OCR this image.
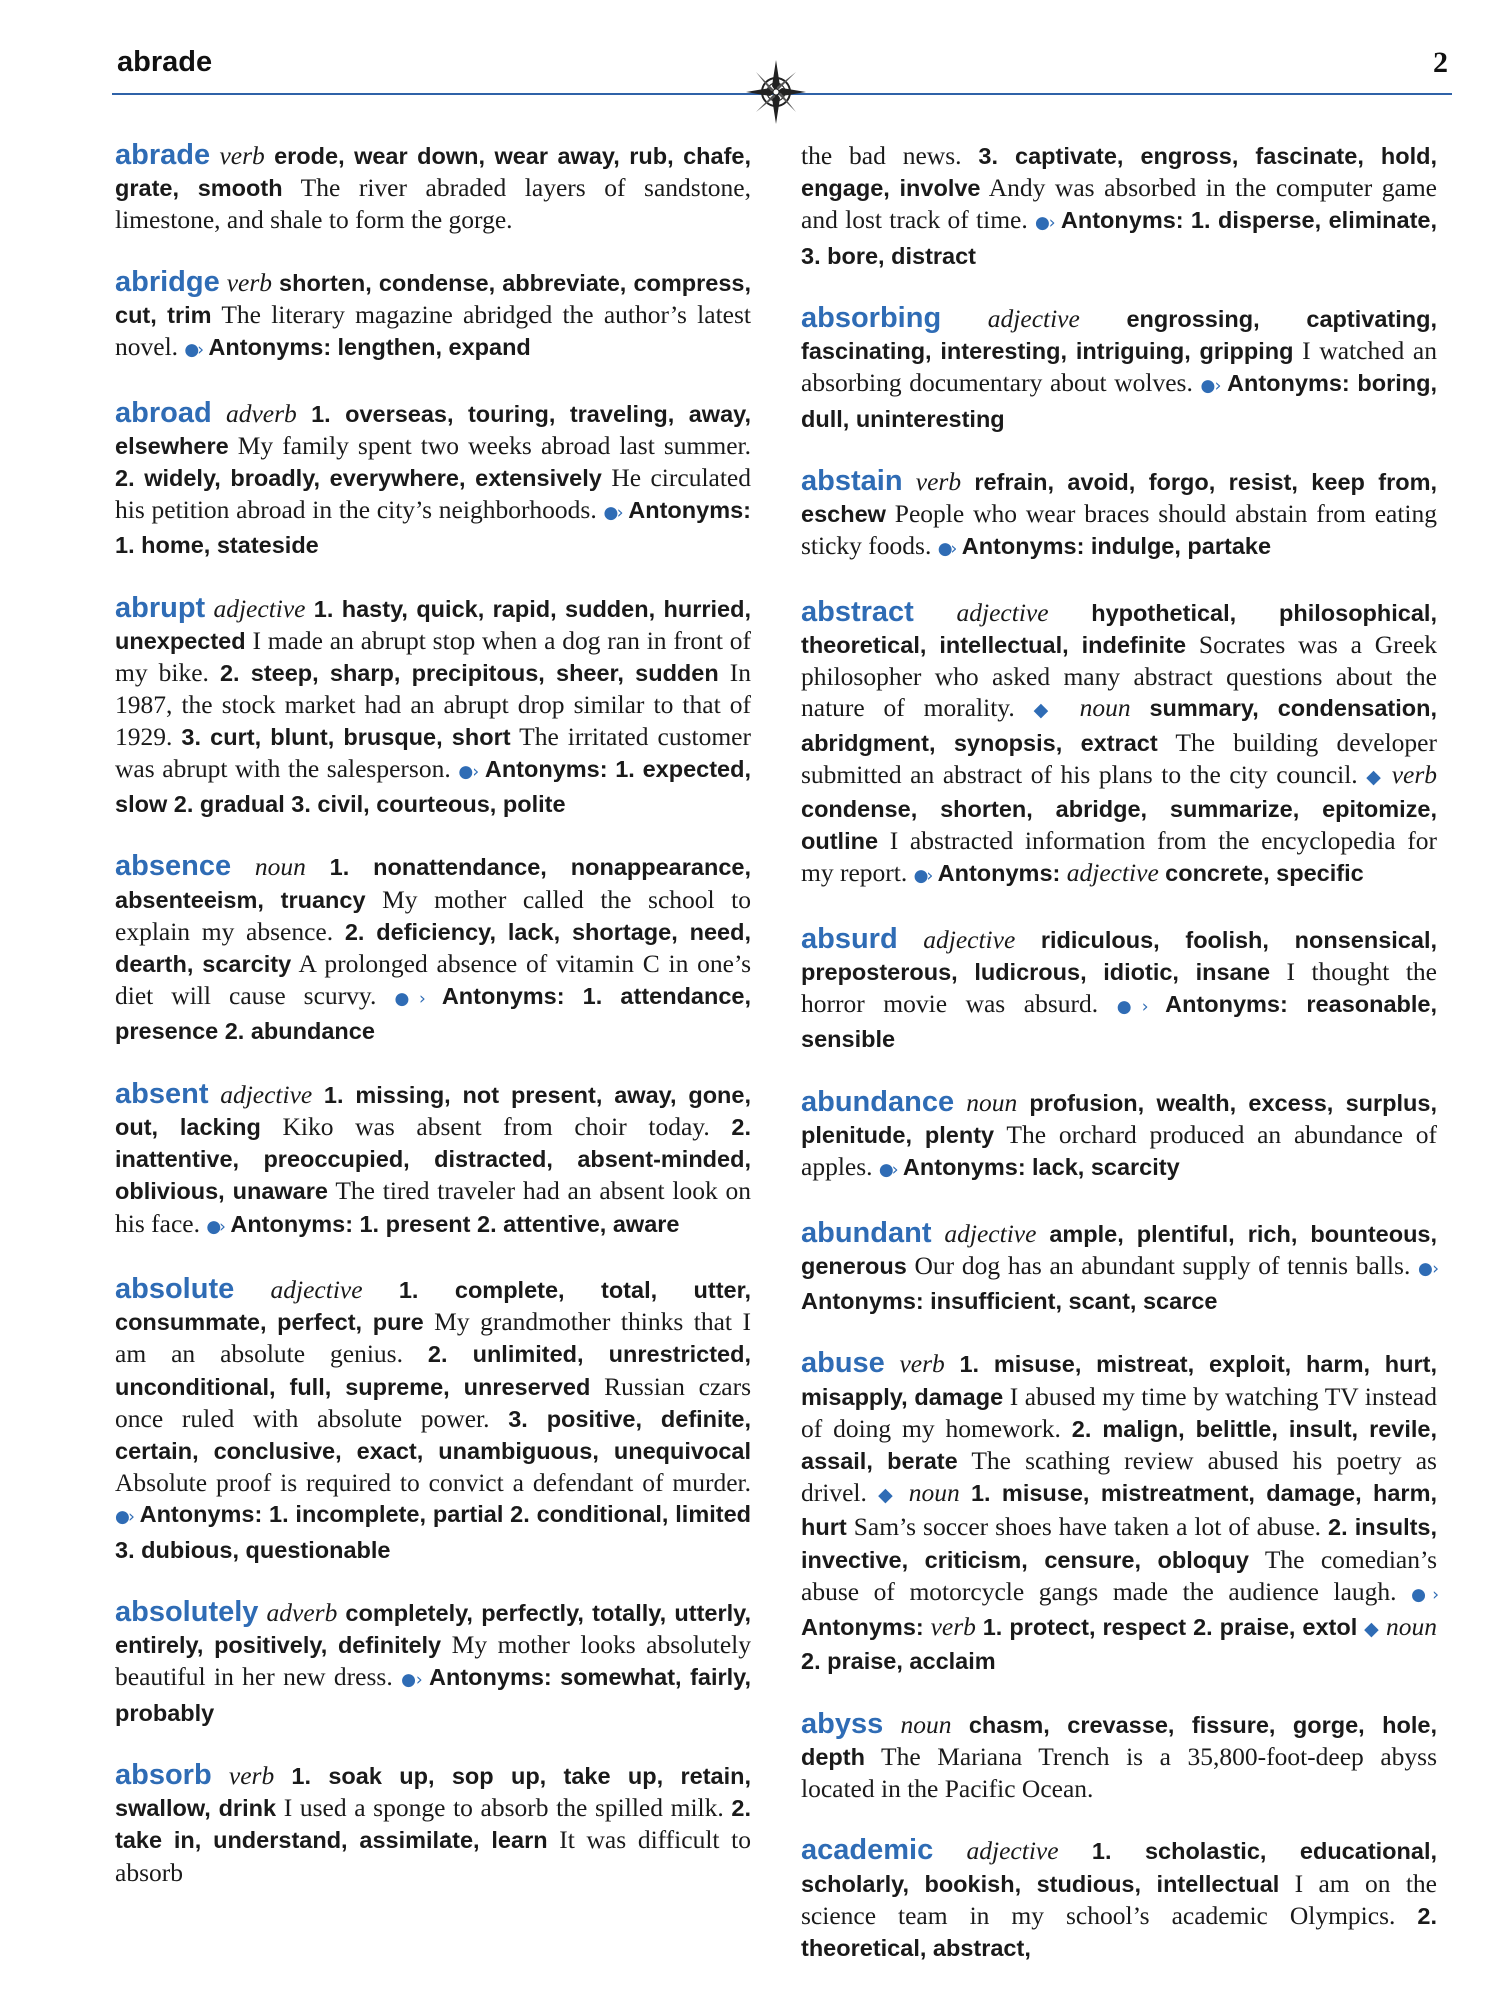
abrade	2

abrade verb erode, wear down, wear away, rub, chafe, grate, smooth The river abraded layers of sandstone, limestone, and shale to form the gorge.

abridge verb shorten, condense, abbreviate, compress, cut, trim The literary magazine abridged the author’s latest novel. ●› Antonyms: lengthen, expand

abroad adverb 1. overseas, touring, traveling, away, elsewhere My family spent two weeks abroad last summer. 2. widely, broadly, everywhere, extensively He circulated his petition abroad in the city’s neighborhoods. ●› Antonyms: 1. home, stateside

abrupt adjective 1. hasty, quick, rapid, sudden, hurried, unexpected I made an abrupt stop when a dog ran in front of my bike. 2. steep, sharp, precipitous, sheer, sudden In 1987, the stock market had an abrupt drop similar to that of 1929. 3. curt, blunt, brusque, short The irritated customer was abrupt with the salesperson. ●› Antonyms: 1. expected, slow 2. gradual 3. civil, courteous, polite

absence noun 1. nonattendance, nonappearance, absenteeism, truancy My mother called the school to explain my absence. 2. deficiency, lack, shortage, need, dearth, scarcity A prolonged absence of vitamin C in one’s diet will cause scurvy. ●› Antonyms: 1. attendance, presence 2. abundance

absent adjective 1. missing, not present, away, gone, out, lacking Kiko was absent from choir today. 2. inattentive, preoccupied, distracted, absent-minded, oblivious, unaware The tired traveler had an absent look on his face. ●› Antonyms: 1. present 2. attentive, aware

absolute adjective 1. complete, total, utter, consummate, perfect, pure My grandmother thinks that I am an absolute genius. 2. unlimited, unrestricted, unconditional, full, supreme, unreserved Russian czars once ruled with absolute power. 3. positive, definite, certain, conclusive, exact, unambiguous, unequivocal Absolute proof is required to convict a defendant of murder. ●› Antonyms: 1. incomplete, partial 2. conditional, limited 3. dubious, questionable

absolutely adverb completely, perfectly, totally, utterly, entirely, positively, definitely My mother looks absolutely beautiful in her new dress. ●› Antonyms: somewhat, fairly, probably

absorb verb 1. soak up, sop up, take up, retain, swallow, drink I used a sponge to absorb the spilled milk. 2. take in, understand, assimilate, learn It was difficult to absorb

the bad news. 3. captivate, engross, fascinate, hold, engage, involve Andy was absorbed in the computer game and lost track of time. ●› Antonyms: 1. disperse, eliminate, 3. bore, distract

absorbing adjective engrossing, captivating, fascinating, interesting, intriguing, gripping I watched an absorbing documentary about wolves. ●› Antonyms: boring, dull, uninteresting

abstain verb refrain, avoid, forgo, resist, keep from, eschew People who wear braces should abstain from eating sticky foods. ●› Antonyms: indulge, partake

abstract adjective hypothetical, philosophical, theoretical, intellectual, indefinite Socrates was a Greek philosopher who asked many abstract questions about the nature of morality. ◆ noun summary, condensation, abridgment, synopsis, extract The building developer submitted an abstract of his plans to the city council. ◆ verb condense, shorten, abridge, summarize, epitomize, outline I abstracted information from the encyclopedia for my report. ●› Antonyms: adjective concrete, specific

absurd adjective ridiculous, foolish, nonsensical, preposterous, ludicrous, idiotic, insane I thought the horror movie was absurd. ●› Antonyms: reasonable, sensible

abundance noun profusion, wealth, excess, surplus, plenitude, plenty The orchard produced an abundance of apples. ●› Antonyms: lack, scarcity

abundant adjective ample, plentiful, rich, bounteous, generous Our dog has an abundant supply of tennis balls. ●› Antonyms: insufficient, scant, scarce

abuse verb 1. misuse, mistreat, exploit, harm, hurt, misapply, damage I abused my time by watching TV instead of doing my homework. 2. malign, belittle, insult, revile, assail, berate The scathing review abused his poetry as drivel. ◆ noun 1. misuse, mistreatment, damage, harm, hurt Sam’s soccer shoes have taken a lot of abuse. 2. insults, invective, criticism, censure, obloquy The comedian’s abuse of motorcycle gangs made the audience laugh. ●› Antonyms: verb 1. protect, respect 2. praise, extol ◆ noun 2. praise, acclaim

abyss noun chasm, crevasse, fissure, gorge, hole, depth The Mariana Trench is a 35,800-foot-deep abyss located in the Pacific Ocean.

academic adjective 1. scholastic, educational, scholarly, bookish, studious, intellectual I am on the science team in my school’s academic Olympics. 2. theoretical, abstract,
